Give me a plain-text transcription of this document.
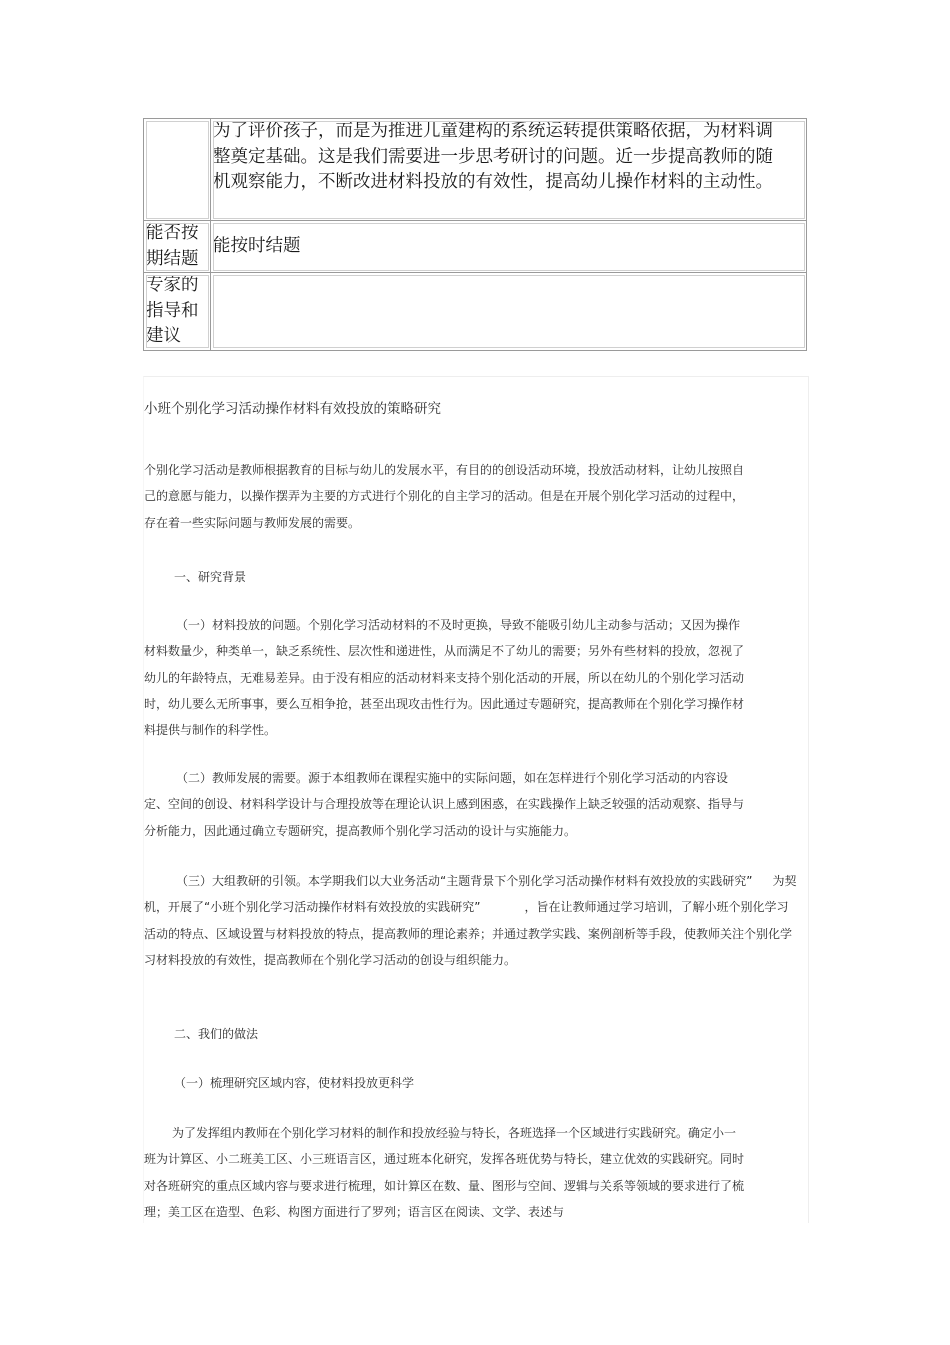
	为了评价孩子，而是为推进儿童建构的系统运转提供策略依据，为材料调整奠定基础。这是我们需要进一步思考研讨的问题。近一步提高教师的随机观察能力，不断改进材料投放的有效性，提高幼儿操作材料的主动性。

能否按期结题	能按时结题
专家的指导和建议	

小班个别化学习活动操作材料有效投放的策略研究

个别化学习活动是教师根据教育的目标与幼儿的发展水平，有目的的创设活动环境，投放活动材料，让幼儿按照自己的意愿与能力，以操作摆弄为主要的方式进行个别化的自主学习的活动。但是在开展个别化学习活动的过程中，存在着一些实际问题与教师发展的需要。

一、研究背景

（一）材料投放的问题。个别化学习活动材料的不及时更换，导致不能吸引幼儿主动参与活动；又因为操作材料数量少，种类单一，缺乏系统性、层次性和递进性，从而满足不了幼儿的需要；另外有些材料的投放，忽视了幼儿的年龄特点，无难易差异。由于没有相应的活动材料来支持个别化活动的开展，所以在幼儿的个别化学习活动时，幼儿要么无所事事，要么互相争抢，甚至出现攻击性行为。因此通过专题研究，提高教师在个别化学习操作材料提供与制作的科学性。

（二）教师发展的需要。源于本组教师在课程实施中的实际问题，如在怎样进行个别化学习活动的内容设定、空间的创设、材料科学设计与合理投放等在理论认识上感到困惑，在实践操作上缺乏较强的活动观察、指导与分析能力，因此通过确立专题研究，提高教师个别化学习活动的设计与实施能力。

（三）大组教研的引领。本学期我们以大业务活动“主题背景下个别化学习活动操作材料有效投放的实践研究” 为契机，开展了“小班个别化学习活动操作材料有效投放的实践研究”	，旨在让教师通过学习培训，了解小班个别化学习活动的特点、区域设置与材料投放的特点，提高教师的理论素养；并通过教学实践、案例剖析等手段，使教师关注个别化学习材料投放的有效性，提高教师在个别化学习活动的创设与组织能力。

二、我们的做法

（一）梳理研究区域内容，使材料投放更科学

为了发挥组内教师在个别化学习材料的制作和投放经验与特长，各班选择一个区域进行实践研究。确定小一班为计算区、小二班美工区、小三班语言区，通过班本化研究，发挥各班优势与特长，建立优效的实践研究。同时对各班研究的重点区域内容与要求进行梳理，如计算区在数、量、图形与空间、逻辑与关系等领域的要求进行了梳理；美工区在造型、色彩、构图方面进行了罗列；语言区在阅读、文学、表述与
